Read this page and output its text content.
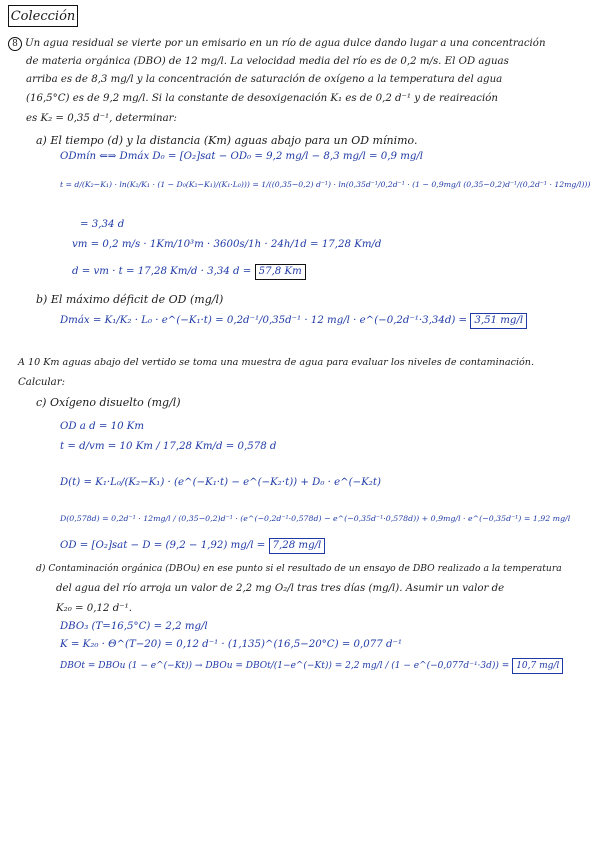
Colección
8 Un agua residual se vierte por un emisario en un río de agua dulce dando lugar a una concentración
de materia orgánica (DBO) de 12 mg/l. La velocidad media del río es de 0,2 m/s. El OD aguas
arriba es de 8,3 mg/l y la concentración de saturación de oxígeno a la temperatura del agua
(16,5°C) es de 9,2 mg/l. Si la constante de desoxigenación K₁ es de 0,2 d⁻¹ y de reaireación
es K₂ = 0,35 d⁻¹, determinar:
a) El tiempo (d) y la distancia (Km) aguas abajo para un OD mínimo.
ODmín ⇐⇒ Dmáx D₀ = [O₂]sat − OD₀ = 9,2 mg/l − 8,3 mg/l = 0,9 mg/l
t = d/(K₂−K₁) · ln(K₂/K₁ · (1 − D₀(K₂−K₁)/(K₁·L₀))) = 1/((0,35−0,2) d⁻¹) · ln(0,35d⁻¹/0,2d⁻¹ · (1 − 0,9mg/l (0,35−0,2)d⁻¹/(0,2d⁻¹ · 12mg/l)))
= 3,34 d
vm = 0,2 m/s · 1Km/10³m · 3600s/1h · 24h/1d = 17,28 Km/d
d = vm · t = 17,28 Km/d · 3,34 d = 57,8 Km
b) El máximo déficit de OD (mg/l)
Dmáx = K₁/K₂ · L₀ · e^(−K₁·t) = 0,2d⁻¹/0,35d⁻¹ · 12 mg/l · e^(−0,2d⁻¹·3,34d) = 3,51 mg/l
A 10 Km aguas abajo del vertido se toma una muestra de agua para evaluar los niveles de contaminación.
Calcular:
c) Oxígeno disuelto (mg/l)
OD a d = 10 Km
t = d/vm = 10 Km / 17,28 Km/d = 0,578 d
D(t) = K₁·L₀/(K₂−K₁) · (e^(−K₁·t) − e^(−K₂·t)) + D₀ · e^(−K₂t)
D(0,578d) = 0,2d⁻¹ · 12mg/l / (0,35−0,2)d⁻¹ · (e^(−0,2d⁻¹·0,578d) − e^(−0,35d⁻¹·0,578d)) + 0,9mg/l · e^(−0,35d⁻¹) = 1,92 mg/l
OD = [O₂]sat − D = (9,2 − 1,92) mg/l = 7,28 mg/l
d) Contaminación orgánica (DBOu) en ese punto si el resultado de un ensayo de DBO realizado a la temperatura
del agua del río arroja un valor de 2,2 mg O₂/l tras tres días (mg/l). Asumir un valor de
K₂₀ = 0,12 d⁻¹.
DBO₃ (T=16,5°C) = 2,2 mg/l
K = K₂₀ · Θ^(T−20) = 0,12 d⁻¹ · (1,135)^(16,5−20°C) = 0,077 d⁻¹
DBOt = DBOu (1 − e^(−Kt)) → DBOu = DBOt/(1−e^(−Kt)) = 2,2 mg/l / (1 − e^(−0,077d⁻¹·3d)) = 10,7 mg/l
